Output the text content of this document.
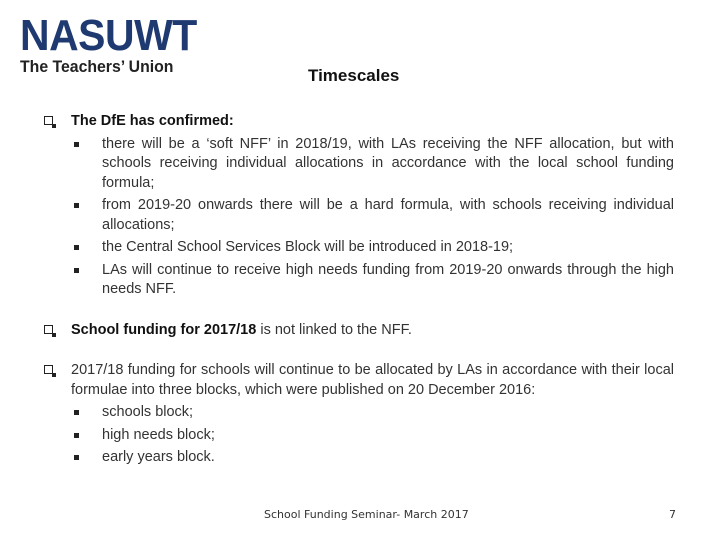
NASUWT
The Teachers’ Union	Timescales
The DfE has confirmed:
there will be a ‘soft NFF’ in 2018/19, with LAs receiving the NFF allocation, but with schools receiving individual allocations in accordance with the local school funding formula;
from 2019-20 onwards there will be a hard formula, with schools receiving individual allocations;
the Central School Services Block will be introduced in 2018-19;
LAs will continue to receive high needs funding from 2019-20 onwards through the high needs NFF.
School funding for 2017/18 is not linked to the NFF.
2017/18 funding for schools will continue to be allocated by LAs in accordance with their local formulae into three blocks, which were published on 20 December 2016:
schools block;
high needs block;
early years block.
School Funding Seminar- March 2017	7
